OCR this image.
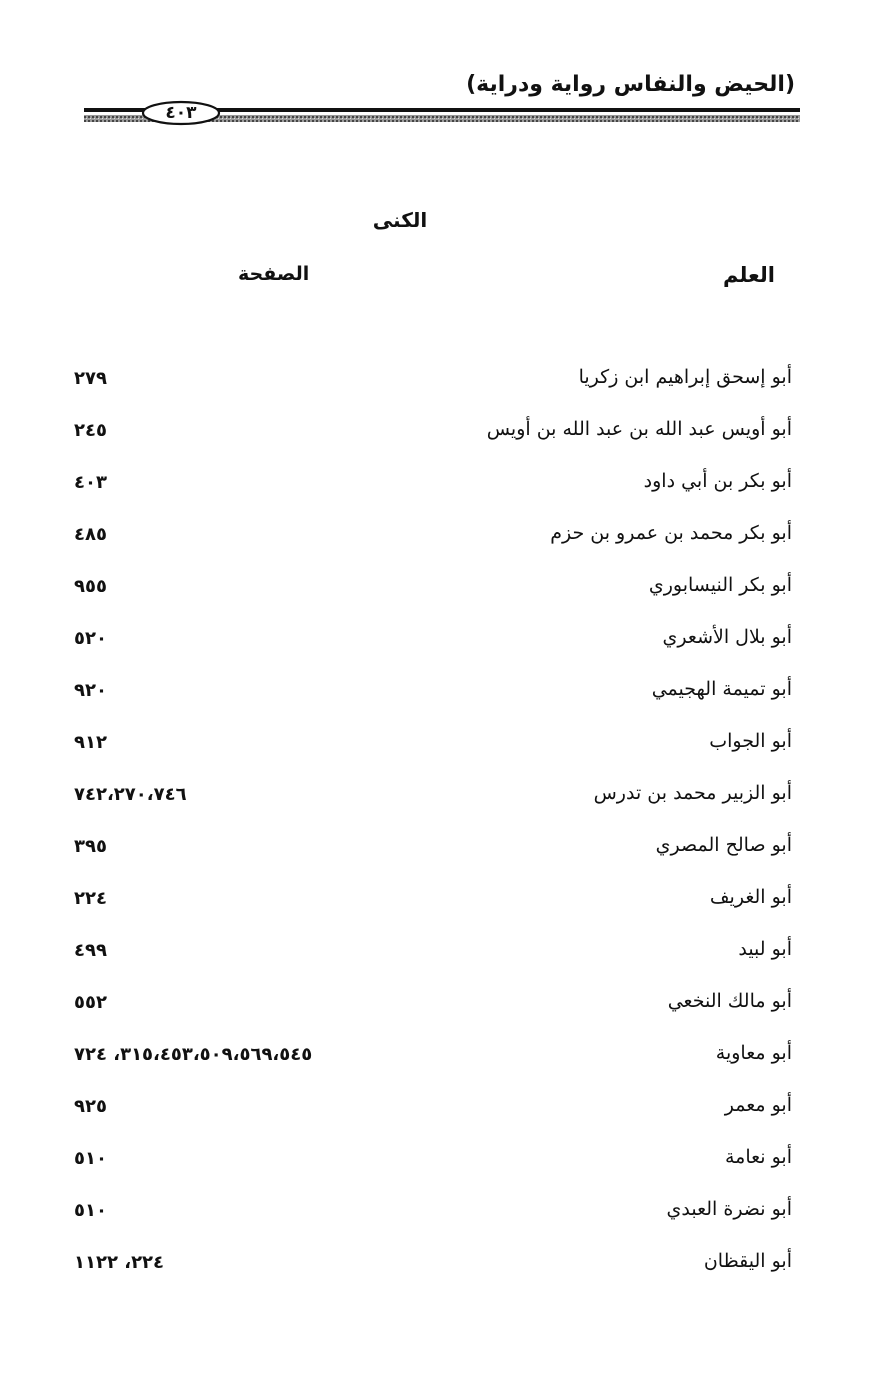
(الحيض والنفاس رواية ودراية)
٤٠٣
الكنى
العلم
الصفحة
أبو إسحق إبراهيم ابن زكريا
٢٧٩
أبو أويس عبد الله بن عبد الله بن أويس
٢٤٥
أبو بكر بن أبي داود
٤٠٣
أبو بكر محمد بن عمرو بن حزم
٤٨٥
أبو بكر النيسابوري
٩٥٥
أبو بلال الأشعري
٥٢٠
أبو تميمة الهجيمي
٩٢٠
أبو الجواب
٩١٢
أبو الزبير محمد بن تدرس
٧٤٢،٢٧٠،٧٤٦
أبو صالح المصري
٣٩٥
أبو الغريف
٢٢٤
أبو لبيد
٤٩٩
أبو مالك النخعي
٥٥٢
أبو معاوية
٣١٥،٤٥٣،٥٠٩،٥٦٩،٥٤٥، ٧٢٤
أبو معمر
٩٢٥
أبو نعامة
٥١٠
أبو نضرة العبدي
٥١٠
أبو اليقظان
٢٢٤، ١١٢٢
